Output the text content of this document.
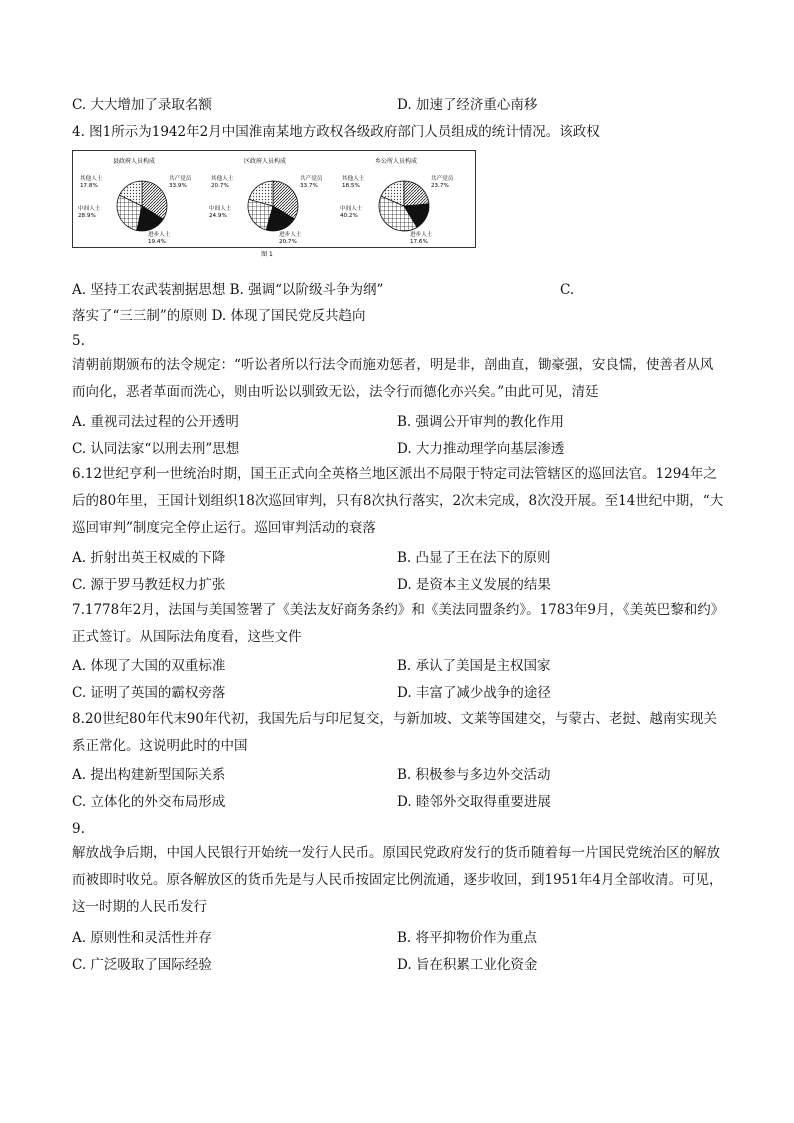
C. 大大增加了录取名额	D. 加速了经济重心南移
4. 图1所示为1942年2月中国淮南某地方政权各级政府部门人员组成的统计情况。该政权
县政府人员构成
共产党员
33.9%
进步人士
19.4%
中间人士
28.9%
其他人士
17.8%
区政府人员构成
共产党员
33.7%
进步人士
20.7%
中间人士
24.9%
其他人士
20.7%
乡公所人员构成
共产党员
23.7%
进步人士
17.6%
中间人士
40.2%
其他人士
18.5%
图 1
A. 坚持工农武装割据思想 B. 强调“以阶级斗争为纲”	C.
落实了“三三制”的原则 D. 体现了国民党反共趋向
5.
清朝前期颁布的法令规定：“听讼者所以行法令而施劝惩者，明是非，剖曲直，锄豪强，安良懦，使善者从风而向化，恶者革面而洗心，则由听讼以驯致无讼，法令行而德化亦兴矣。”由此可见，清廷
A. 重视司法过程的公开透明	B. 强调公开审判的教化作用
C. 认同法家“以刑去刑”思想	D. 大力推动理学向基层渗透
6.12世纪亨利一世统治时期，国王正式向全英格兰地区派出不局限于特定司法管辖区的巡回法官。1294年之后的80年里，王国计划组织18次巡回审判，只有8次执行落实，2次未完成，8次没开展。至14世纪中期，“大巡回审判”制度完全停止运行。巡回审判活动的衰落
A. 折射出英王权威的下降	B. 凸显了王在法下的原则
C. 源于罗马教廷权力扩张	D. 是资本主义发展的结果
7.1778年2月，法国与美国签署了《美法友好商务条约》和《美法同盟条约》。1783年9月，《美英巴黎和约》正式签订。从国际法角度看，这些文件
A. 体现了大国的双重标准	B. 承认了美国是主权国家
C. 证明了英国的霸权旁落	D. 丰富了减少战争的途径
8.20世纪80年代末90年代初，我国先后与印尼复交，与新加坡、文莱等国建交，与蒙古、老挝、越南实现关系正常化。这说明此时的中国
A. 提出构建新型国际关系	B. 积极参与多边外交活动
C. 立体化的外交布局形成	D. 睦邻外交取得重要进展
9.
解放战争后期，中国人民银行开始统一发行人民币。原国民党政府发行的货币随着每一片国民党统治区的解放而被即时收兑。原各解放区的货币先是与人民币按固定比例流通，逐步收回，到1951年4月全部收清。可见，这一时期的人民币发行
A. 原则性和灵活性并存	B. 将平抑物价作为重点
C. 广泛吸取了国际经验	D. 旨在积累工业化资金
